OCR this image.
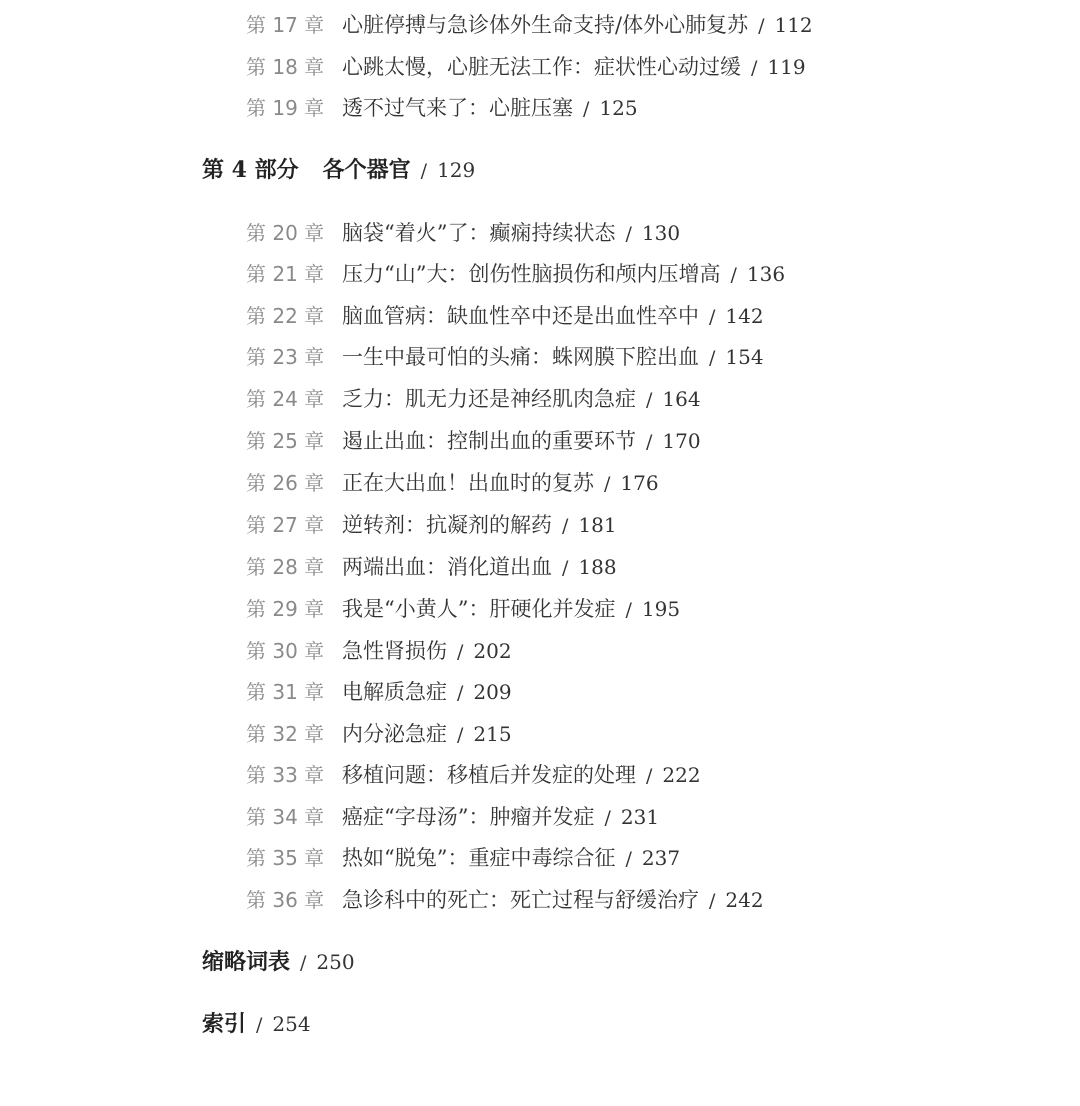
第 17 章 心脏停搏与急诊体外生命支持/体外心肺复苏 / 112
第 18 章 心跳太慢，心脏无法工作：症状性心动过缓 / 119
第 19 章 透不过气来了：心脏压塞 / 125
第 4 部分 各个器官 / 129
第 20 章 脑袋“着火”了：癫痫持续状态 / 130
第 21 章 压力“山”大：创伤性脑损伤和颅内压增高 / 136
第 22 章 脑血管病：缺血性卒中还是出血性卒中 / 142
第 23 章 一生中最可怕的头痛：蛛网膜下腔出血 / 154
第 24 章 乏力：肌无力还是神经肌肉急症 / 164
第 25 章 遏止出血：控制出血的重要环节 / 170
第 26 章 正在大出血！出血时的复苏 / 176
第 27 章 逆转剂：抗凝剂的解药 / 181
第 28 章 两端出血：消化道出血 / 188
第 29 章 我是“小黄人”：肝硬化并发症 / 195
第 30 章 急性肾损伤 / 202
第 31 章 电解质急症 / 209
第 32 章 内分泌急症 / 215
第 33 章 移植问题：移植后并发症的处理 / 222
第 34 章 癌症“字母汤”：肿瘤并发症 / 231
第 35 章 热如“脱兔”：重症中毒综合征 / 237
第 36 章 急诊科中的死亡：死亡过程与舒缓治疗 / 242
缩略词表 / 250
索引 / 254
